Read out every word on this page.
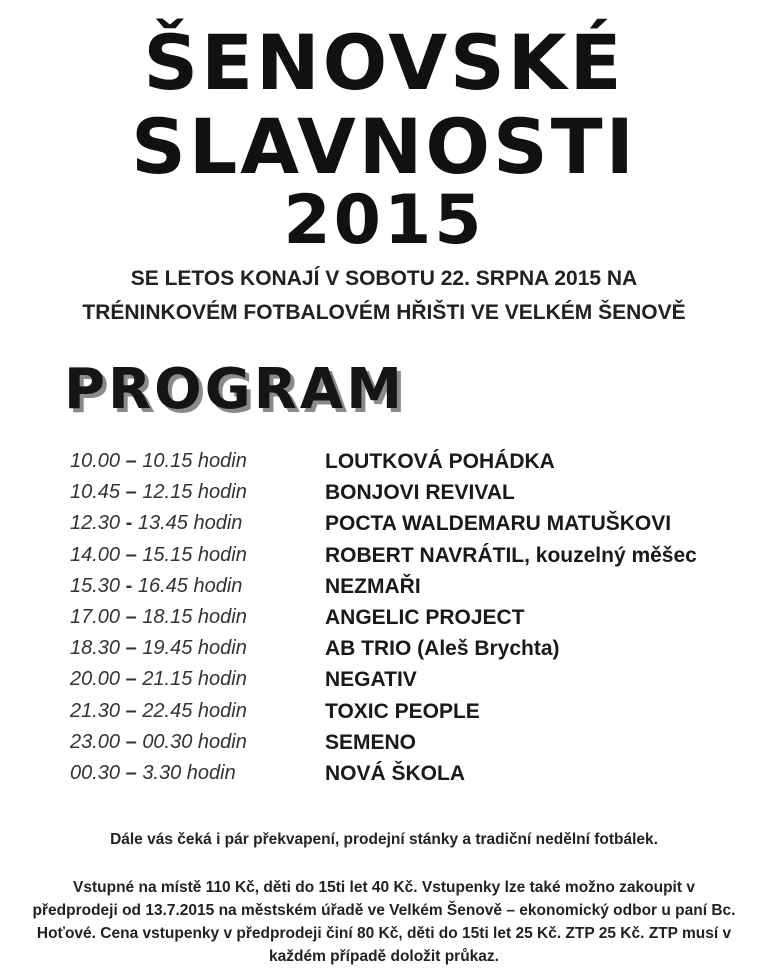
ŠENOVSKÉ
SLAVNOSTI
2015
SE LETOS KONAJÍ V SOBOTU 22. SRPNA 2015 NA
TRÉNINKOVÉM FOTBALOVÉM HŘIŠTI VE VELKÉM ŠENOVĚ
PROGRAM
10.00 – 10.15 hodin	LOUTKOVÁ POHÁDKA
10.45 – 12.15 hodin	BONJOVI REVIVAL
12.30 - 13.45 hodin	POCTA WALDEMARU MATUŠKOVI
14.00 – 15.15 hodin	ROBERT NAVRÁTIL, kouzelný měšec
15.30 - 16.45 hodin	NEZMAŘI
17.00 – 18.15 hodin	ANGELIC PROJECT
18.30 – 19.45 hodin	AB TRIO (Aleš Brychta)
20.00 – 21.15 hodin	NEGATIV
21.30 – 22.45 hodin	TOXIC PEOPLE
23.00 – 00.30 hodin	SEMENO
00.30 – 3.30 hodin	NOVÁ ŠKOLA
Dále vás čeká i pár překvapení, prodejní stánky a tradiční nedělní fotbálek.
Vstupné na místě 110 Kč, děti do 15ti let 40 Kč. Vstupenky lze také možno zakoupit v předprodeji od 13.7.2015 na městském úřadě ve Velkém Šenově – ekonomický odbor u paní Bc. Hoťové. Cena vstupenky v předprodeji činí 80 Kč, děti do 15ti let 25 Kč. ZTP 25 Kč. ZTP musí v každém případě doložit průkaz.
